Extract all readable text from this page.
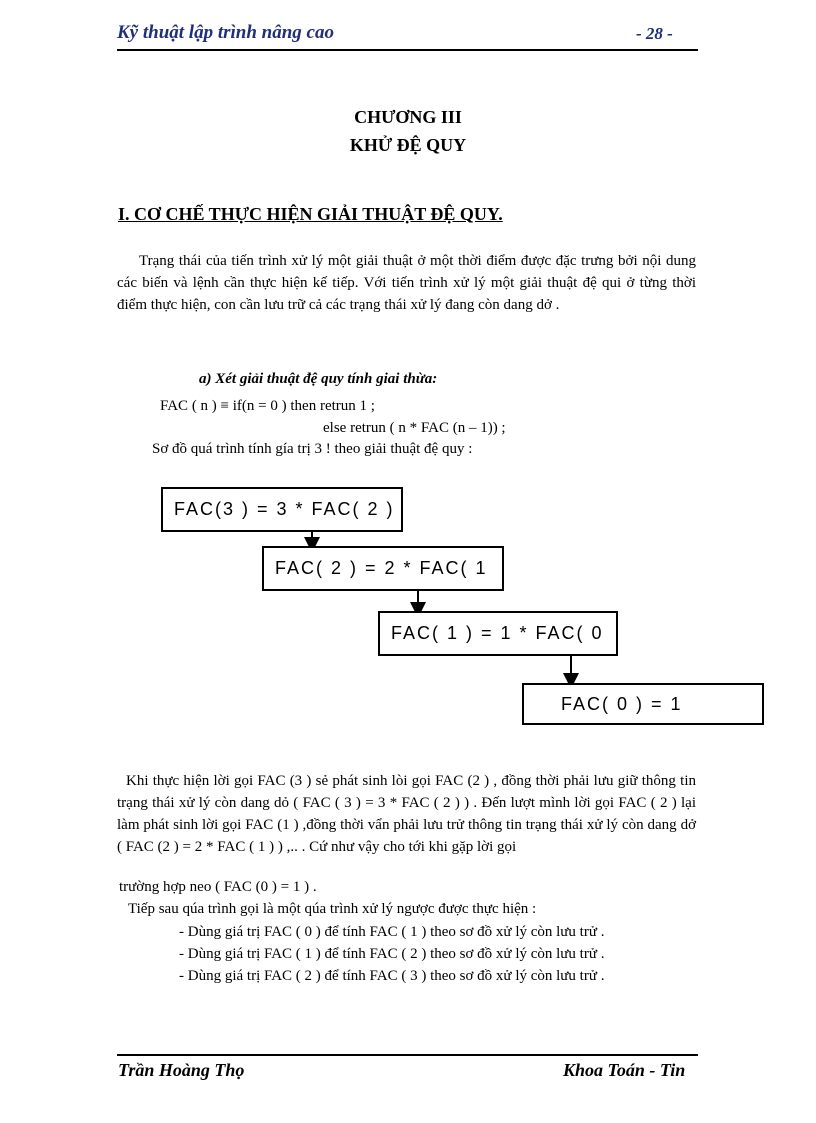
Kỹ thuật lập trình nâng cao	- 28 -
CHƯƠNG III
KHỬ ĐỆ QUY
I. CƠ CHẾ THỰC HIỆN GIẢI THUẬT ĐỆ QUY.
Trạng thái của tiến trình xử lý một giải thuật ở một thời điểm được đặc trưng bởi nội dung các biến và lệnh cần thực hiện kế tiếp. Với tiến trình xử lý một giải thuật đệ qui ở từng thời điểm thực hiện, con cần lưu trữ cả các trạng thái xử lý đang còn dang dở .
a) Xét giải thuật đệ quy tính giai thừa:
FAC ( n ) ≡ if(n = 0 ) then retrun 1 ;
else retrun ( n * FAC (n – 1)) ;
Sơ đồ quá trình tính gía trị 3 ! theo giải thuật đệ quy :
FAC(3 ) = 3 * FAC( 2 )
FAC( 2 ) = 2 * FAC( 1
FAC( 1 ) = 1 * FAC( 0
FAC( 0 ) = 1
Khi thực hiện lời gọi FAC (3 ) sẻ phát sinh lòi gọi FAC (2 ) , đồng thời phải lưu giữ thông tin trạng thái xử lý còn dang dỏ ( FAC ( 3 ) = 3 * FAC ( 2 ) ) . Đến lượt mình lời gọi FAC ( 2 ) lại làm phát sinh lời gọi FAC (1 ) ,đồng thời vẩn phải lưu trử thông tin trạng thái xử lý còn dang dở ( FAC (2 ) = 2 * FAC ( 1 ) ) ,.. . Cứ như vậy cho tới khi gặp lời gọi
trường hợp neo ( FAC (0 ) = 1 ) .
Tiếp sau qúa trình gọi là một qúa trình xử lý ngược được thực hiện :
- Dùng giá trị FAC ( 0 ) để tính FAC ( 1 ) theo sơ đồ xử lý còn lưu trử .
- Dùng giá trị FAC ( 1 ) để tính FAC ( 2 ) theo sơ đồ xử lý còn lưu trử .
- Dùng giá trị FAC ( 2 ) để tính FAC ( 3 ) theo sơ đồ xử lý còn lưu trử .
Trần Hoàng Thọ	Khoa Toán - Tin
